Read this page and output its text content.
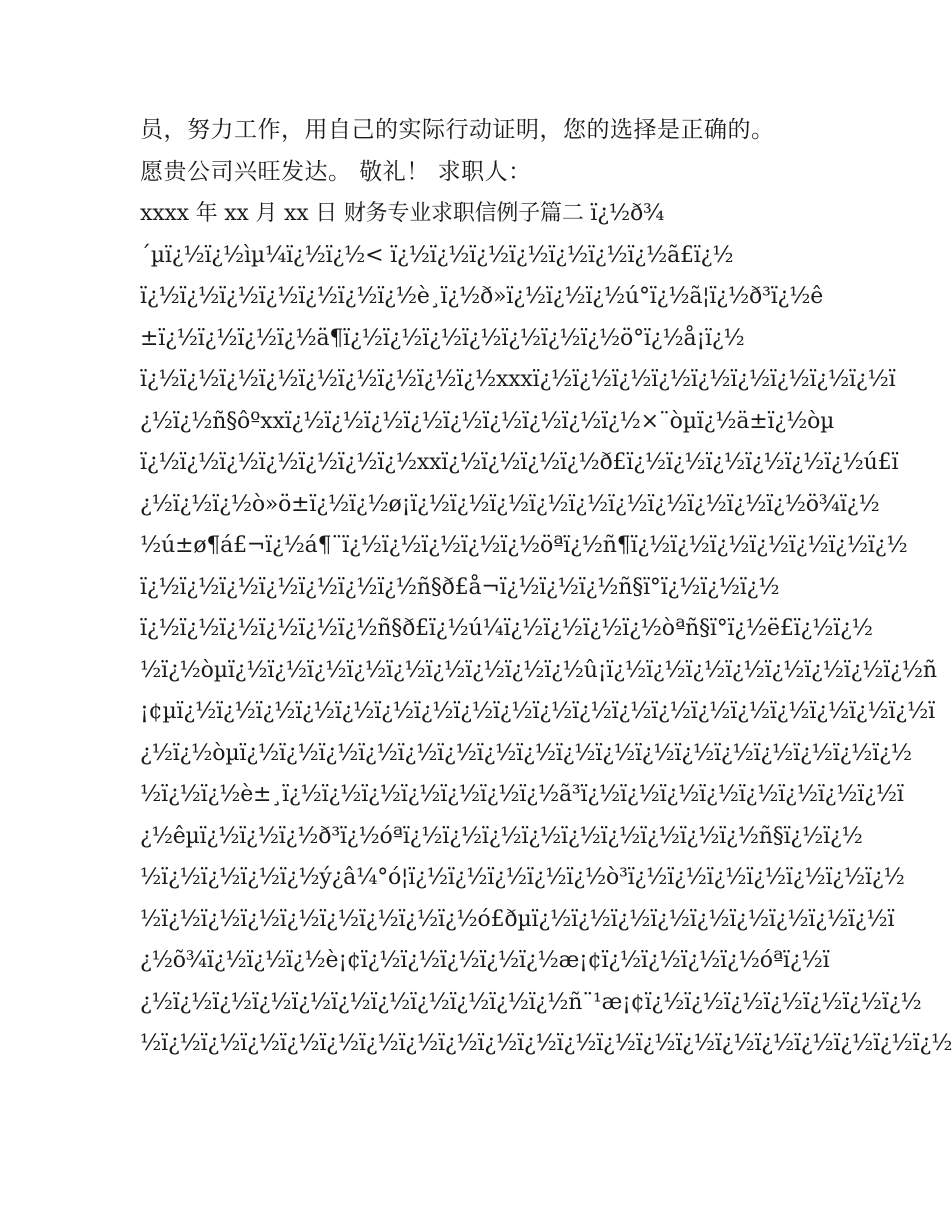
员，努力工作，用自己的实际行动证明，您的选择是正确的。
愿贵公司兴旺发达。 敬礼！ 求职人：
xxxx 年 xx 月 xx 日 财务专业求职信例子篇二 ï¿½ð¾
´µï¿½ï¿½ìµ¼ï¿½ï¿½< ï¿½ï¿½ï¿½ï¿½ï¿½ï¿½ï¿½ã£ï¿½
ï¿½ï¿½ï¿½ï¿½ï¿½ï¿½ï¿½è¸ï¿½ð»ï¿½ï¿½ï¿½ú°ï¿½ã¦ï¿½ð³ï¿½ê
±ï¿½ï¿½ï¿½ï¿½ä¶ï¿½ï¿½ï¿½ï¿½ï¿½ï¿½ï¿½ö°ï¿½å¡ï¿½
ï¿½ï¿½ï¿½ï¿½ï¿½ï¿½ï¿½ï¿½ï¿½xxxï¿½ï¿½ï¿½ï¿½ï¿½ï¿½ï¿½ï¿½ï¿½ï
¿½ï¿½ñ§ôºxxï¿½ï¿½ï¿½ï¿½ï¿½ï¿½ï¿½ï¿½ï¿½×¨òµï¿½ä±ï¿½òµ
ï¿½ï¿½ï¿½ï¿½ï¿½ï¿½ï¿½xxï¿½ï¿½ï¿½ï¿½ð£ï¿½ï¿½ï¿½ï¿½ï¿½ï¿½ú£ï
¿½ï¿½ï¿½ò»ö±ï¿½ï¿½ø¡ï¿½ï¿½ï¿½ï¿½ï¿½ï¿½ï¿½ï¿½ï¿½ï¿½ö¾ï¿½
½ú±ø¶á£¬ï¿½á¶¨ï¿½ï¿½ï¿½ï¿½ï¿½öªï¿½ñ¶ï¿½ï¿½ï¿½ï¿½ï¿½ï¿½ï¿½
ï¿½ï¿½ï¿½ï¿½ï¿½ï¿½ï¿½ñ§ð£å¬ï¿½ï¿½ï¿½ñ§ï°ï¿½ï¿½ï¿½
ï¿½ï¿½ï¿½ï¿½ï¿½ï¿½ñ§ð£ï¿½ú¼ï¿½ï¿½ï¿½ï¿½òªñ§ï°ï¿½ë£ï¿½ï¿½
½ï¿½òµï¿½ï¿½ï¿½ï¿½ï¿½ï¿½ï¿½ï¿½ï¿½û¡ï¿½ï¿½ï¿½ï¿½ï¿½ï¿½ï¿½ï¿½ñ
¡¢µï¿½ï¿½ï¿½ï¿½ï¿½ï¿½ï¿½ï¿½ï¿½ï¿½ï¿½ï¿½ï¿½ï¿½ï¿½ï¿½ï¿½ï¿½ï¿½ï
¿½ï¿½òµï¿½ï¿½ï¿½ï¿½ï¿½ï¿½ï¿½ï¿½ï¿½ï¿½ï¿½ï¿½ï¿½ï¿½ï¿½ï¿½ï¿½
½ï¿½ï¿½è±¸ï¿½ï¿½ï¿½ï¿½ï¿½ï¿½ï¿½ã³ï¿½ï¿½ï¿½ï¿½ï¿½ï¿½ï¿½ï¿½ï
¿½êµï¿½ï¿½ï¿½ð³ï¿½óªï¿½ï¿½ï¿½ï¿½ï¿½ï¿½ï¿½ï¿½ï¿½ñ§ï¿½ï¿½
½ï¿½ï¿½ï¿½ï¿½ý¿â¼°ó¦ï¿½ï¿½ï¿½ï¿½ï¿½ò³ï¿½ï¿½ï¿½ï¿½ï¿½ï¿½ï¿½
½ï¿½ï¿½ï¿½ï¿½ï¿½ï¿½ï¿½ï¿½ó£ðµï¿½ï¿½ï¿½ï¿½ï¿½ï¿½ï¿½ï¿½ï¿½ï
¿½õ¾ï¿½ï¿½ï¿½è¡¢ï¿½ï¿½ï¿½ï¿½ï¿½æ¡¢ï¿½ï¿½ï¿½ï¿½óªï¿½ï
¿½ï¿½ï¿½ï¿½ï¿½ï¿½ï¿½ï¿½ï¿½ï¿½ï¿½ñ¨¹æ¡¢ï¿½ï¿½ï¿½ï¿½ï¿½ï¿½ï¿½
½ï¿½ï¿½ï¿½ï¿½ï¿½ï¿½ï¿½ï¿½ï¿½ï¿½ï¿½ï¿½ï¿½ï¿½ï¿½ï¿½ï¿½ï¿½ï¿½ï¿½
